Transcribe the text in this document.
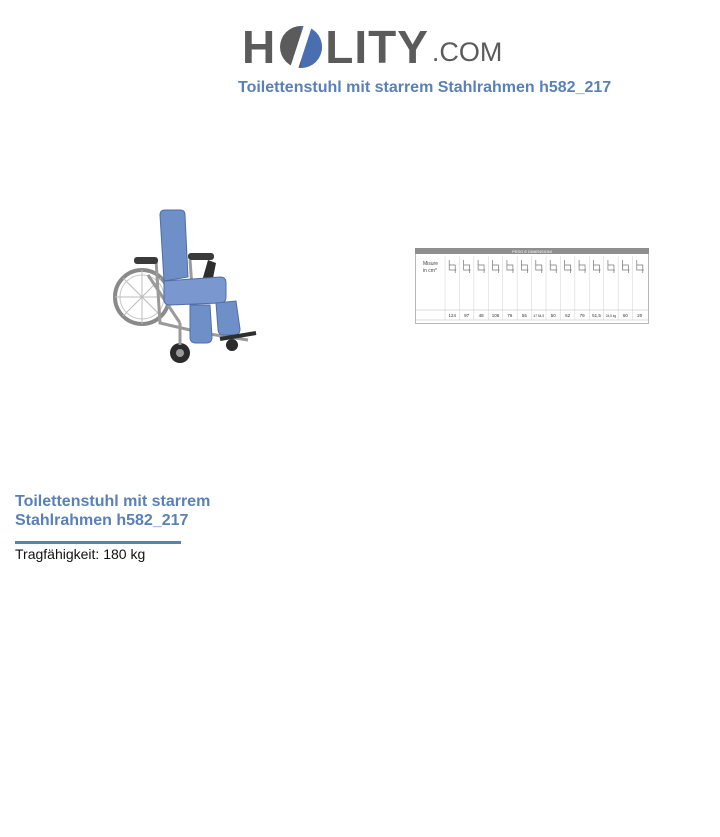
H LITY .COM
Toilettenstuhl mit starrem Stahlrahmen h582_217
PESO E DIMENSIONI
Misure
in cm*
124 97 48 106 76 55 47 54,5 50 62 79 51,5 24,5 kg 60 20
Toilettenstuhl mit starrem Stahlrahmen h582_217
Tragfähigkeit: 180 kg
